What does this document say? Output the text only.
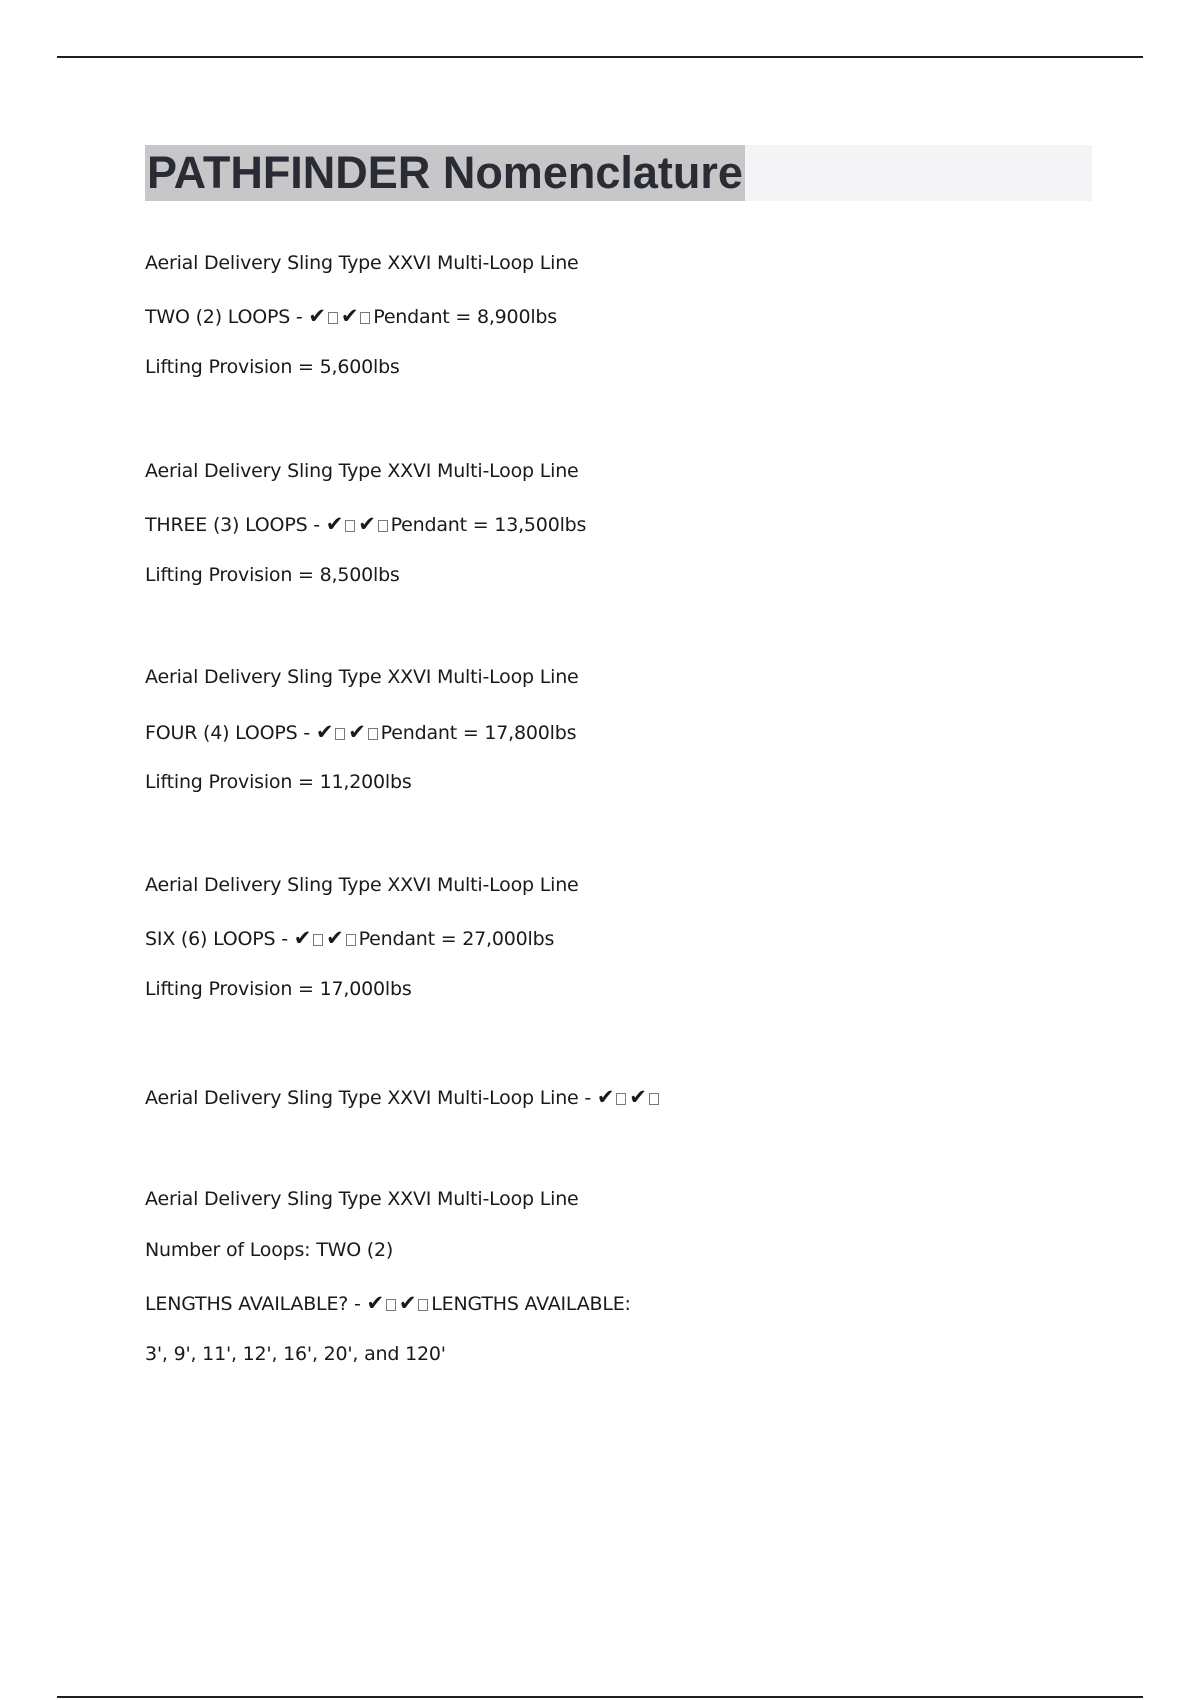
PATHFINDER Nomenclature
Aerial Delivery Sling Type XXVI Multi-Loop Line
TWO (2) LOOPS - ✔ ✔ Pendant = 8,900lbs
Lifting Provision = 5,600lbs
Aerial Delivery Sling Type XXVI Multi-Loop Line
THREE (3) LOOPS - ✔ ✔ Pendant = 13,500lbs
Lifting Provision = 8,500lbs
Aerial Delivery Sling Type XXVI Multi-Loop Line
FOUR (4) LOOPS - ✔ ✔ Pendant = 17,800lbs
Lifting Provision = 11,200lbs
Aerial Delivery Sling Type XXVI Multi-Loop Line
SIX (6) LOOPS - ✔ ✔ Pendant = 27,000lbs
Lifting Provision = 17,000lbs
Aerial Delivery Sling Type XXVI Multi-Loop Line - ✔ ✔
Aerial Delivery Sling Type XXVI Multi-Loop Line
Number of Loops: TWO (2)
LENGTHS AVAILABLE? - ✔ ✔ LENGTHS AVAILABLE:
3', 9', 11', 12', 16', 20', and 120'
